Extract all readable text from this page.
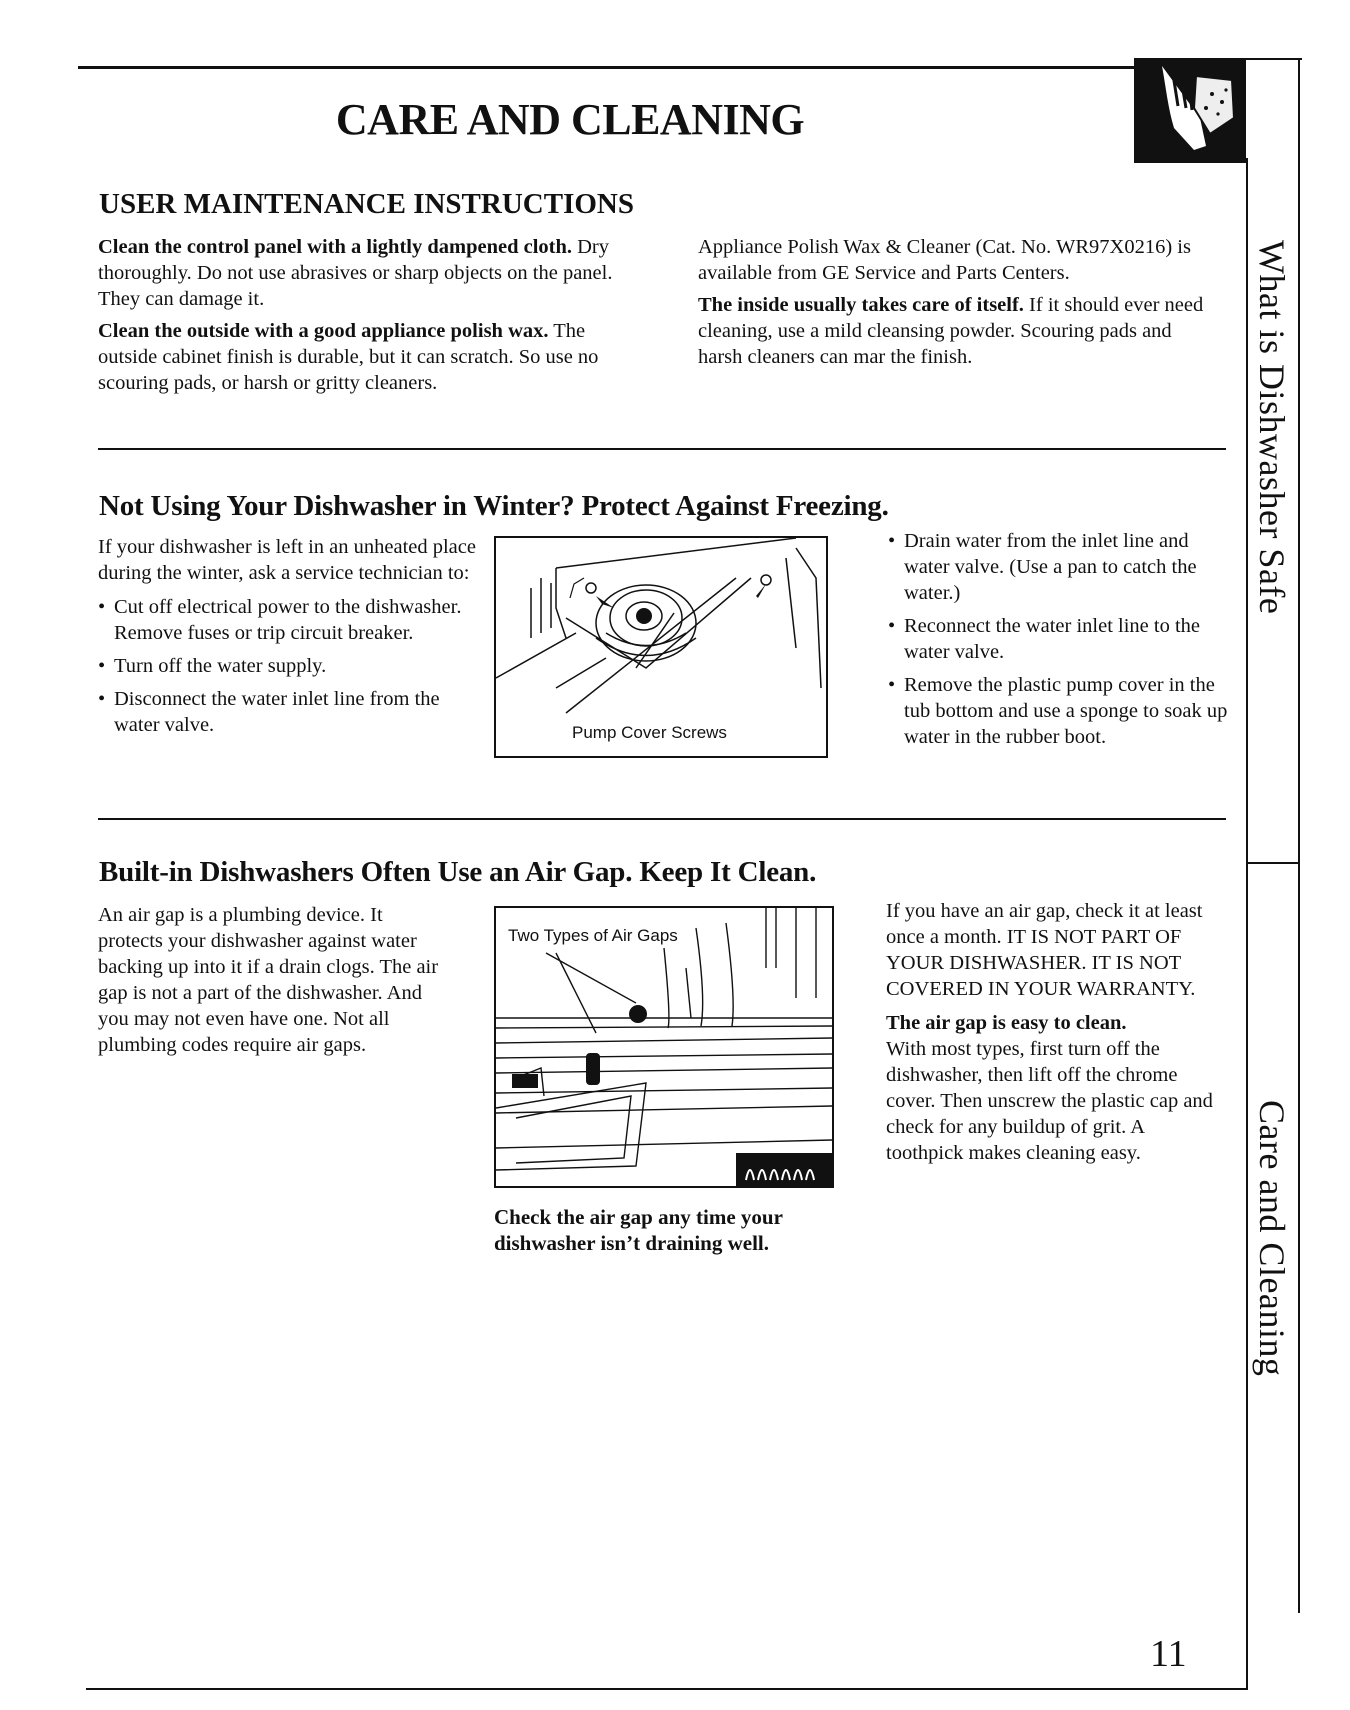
What is Dishwasher Safe
Care and Cleaning
CARE AND CLEANING
USER MAINTENANCE INSTRUCTIONS

Clean the control panel with a lightly dampened cloth. Dry thoroughly. Do not use abrasives or sharp objects on the panel. They can damage it.

Clean the outside with a good appliance polish wax. The outside cabinet finish is durable, but it can scratch. So use no scouring pads, or harsh or gritty cleaners.

Appliance Polish Wax & Cleaner (Cat. No. WR97X0216) is available from GE Service and Parts Centers.

The inside usually takes care of itself. If it should ever need cleaning, use a mild cleansing powder. Scouring pads and harsh cleaners can mar the finish.

Not Using Your Dishwasher in Winter? Protect Against Freezing.

If your dishwasher is left in an unheated place during the winter, ask a service technician to:

• Cut off electrical power to the dishwasher. Remove fuses or trip circuit breaker.
• Turn off the water supply.
• Disconnect the water inlet line from the water valve.	Pump Cover Screws
• Drain water from the inlet line and water valve. (Use a pan to catch the water.)
• Reconnect the water inlet line to the water valve.
• Remove the plastic pump cover in the tub bottom and use a sponge to soak up water in the rubber boot.
Built-in Dishwashers Often Use an Air Gap. Keep It Clean.

An air gap is a plumbing device. It protects your dishwasher against water backing up into it if a drain clogs. The air gap is not a part of the dishwasher. And you may not even have one. Not all plumbing codes require air gaps.

Two Types of Air Gaps
Check the air gap any time your dishwasher isn’t draining well.

If you have an air gap, check it at least once a month. IT IS NOT PART OF YOUR DISHWASHER. IT IS NOT COVERED IN YOUR WARRANTY.

The air gap is easy to clean.
With most types, first turn off the dishwasher, then lift off the chrome cover. Then unscrew the plastic cap and check for any buildup of grit. A toothpick makes cleaning easy.

11
